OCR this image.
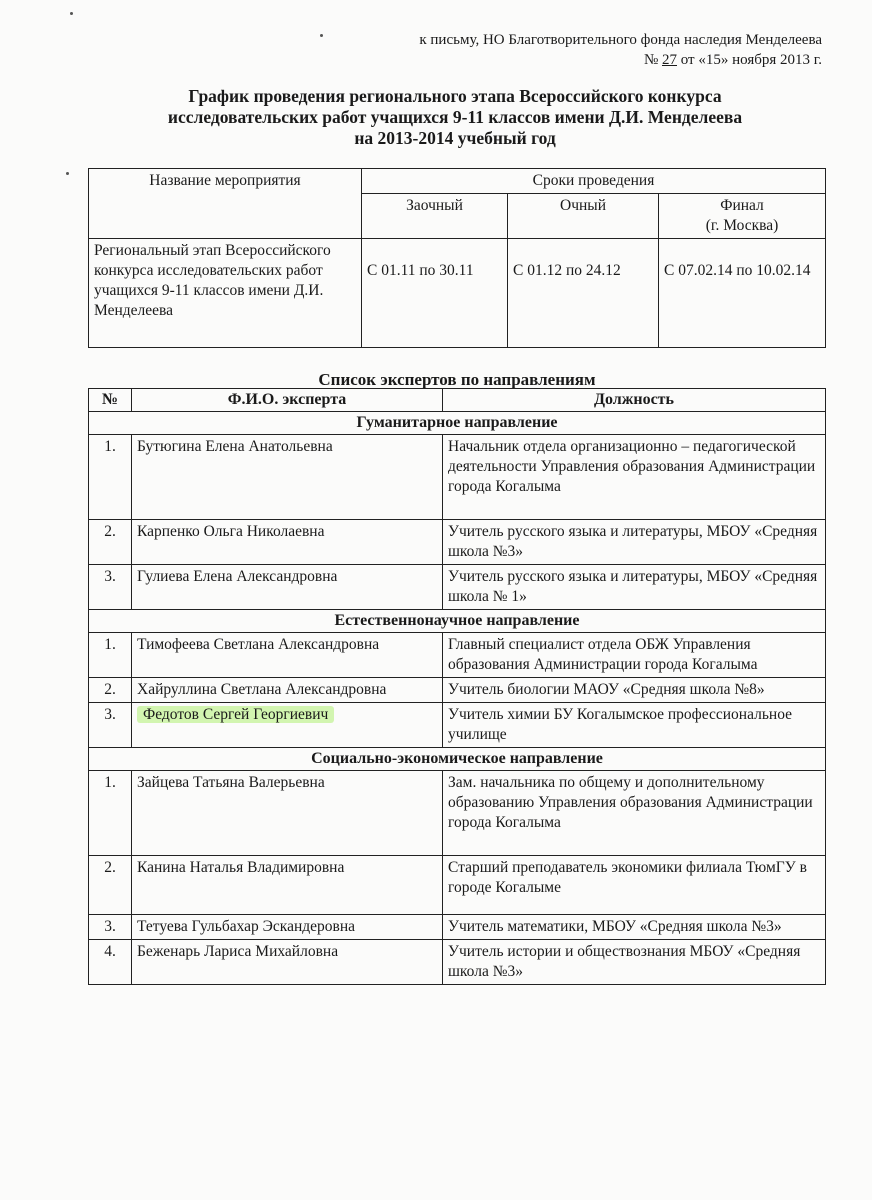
к письму, НО Благотворительного фонда наследия Менделеева
№ 27 от «15» ноября 2013 г.
График проведения регионального этапа Всероссийского конкурса
исследовательских работ учащихся 9-11 классов имени Д.И. Менделеева
на 2013-2014 учебный год
Название мероприятия	Сроки проведения		
	Заочный	Очный	Финал
(г. Москва)

Региональный этап Всероссийского конкурса исследовательских работ учащихся 9-11 классов имени Д.И. Менделеева	С 01.11 по 30.11	С 01.12 по 24.12	С 07.02.14 по 10.02.14
Список экспертов по направлениям
№	Ф.И.О. эксперта	Должность
Гуманитарное направление		
1.	Бутюгина Елена Анатольевна	Начальник отдела организационно – педагогической деятельности Управления образования Администрации города Когалыма
2.	Карпенко Ольга Николаевна	Учитель русского языка и литературы, МБОУ «Средняя школа №3»
3.	Гулиева Елена Александровна	Учитель русского языка и литературы, МБОУ «Средняя школа № 1»
Естественнонаучное направление		
1.	Тимофеева Светлана Александровна	Главный специалист отдела ОБЖ Управления образования Администрации города Когалыма
2.	Хайруллина Светлана Александровна	Учитель биологии МАОУ «Средняя школа №8»
3.	Федотов Сергей Георгиевич	Учитель химии БУ Когалымское профессиональное училище
Социально-экономическое направление		
1.	Зайцева Татьяна Валерьевна	Зам. начальника по общему и дополнительному образованию Управления образования Администрации города Когалыма
2.	Канина Наталья Владимировна	Старший преподаватель экономики филиала ТюмГУ в городе Когалыме
3.	Тетуева Гульбахар Эскандеровна	Учитель математики, МБОУ «Средняя школа №3»
4.	Беженарь Лариса Михайловна	Учитель истории и обществознания МБОУ «Средняя школа №3»
